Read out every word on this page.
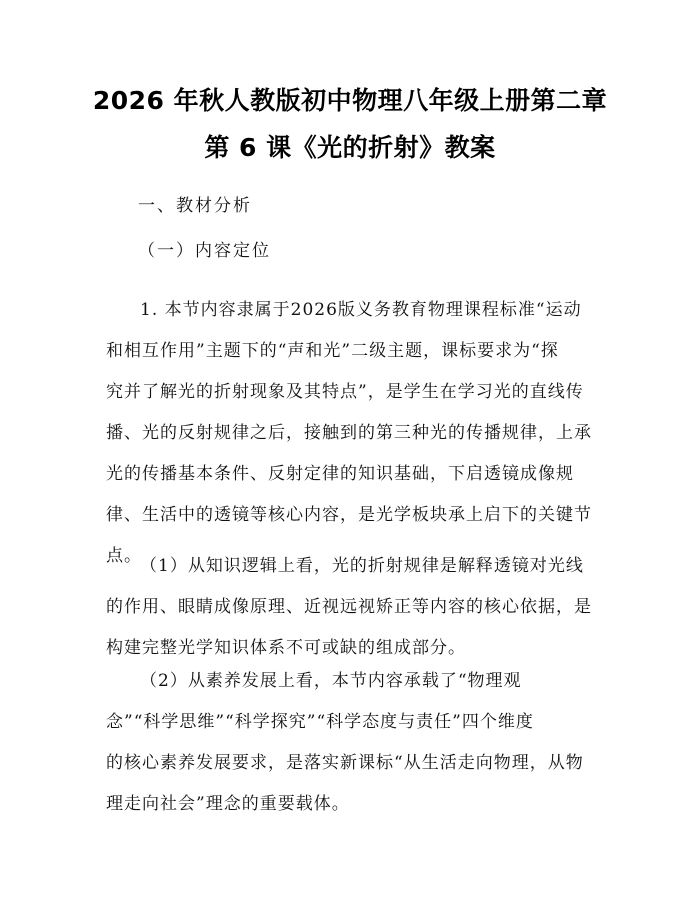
2026 年秋人教版初中物理八年级上册第二章
第 6 课《光的折射》教案
一、教材分析
（一）内容定位
1. 本节内容隶属于2026版义务教育物理课程标准“运动
和相互作用”主题下的“声和光”二级主题，课标要求为“探
究并了解光的折射现象及其特点”，是学生在学习光的直线传
播、光的反射规律之后，接触到的第三种光的传播规律，上承
光的传播基本条件、反射定律的知识基础，下启透镜成像规
律、生活中的透镜等核心内容，是光学板块承上启下的关键节
点。
（1）从知识逻辑上看，光的折射规律是解释透镜对光线
的作用、眼睛成像原理、近视远视矫正等内容的核心依据，是
构建完整光学知识体系不可或缺的组成部分。
（2）从素养发展上看，本节内容承载了“物理观
念”“科学思维”“科学探究”“科学态度与责任”四个维度
的核心素养发展要求，是落实新课标“从生活走向物理，从物
理走向社会”理念的重要载体。
